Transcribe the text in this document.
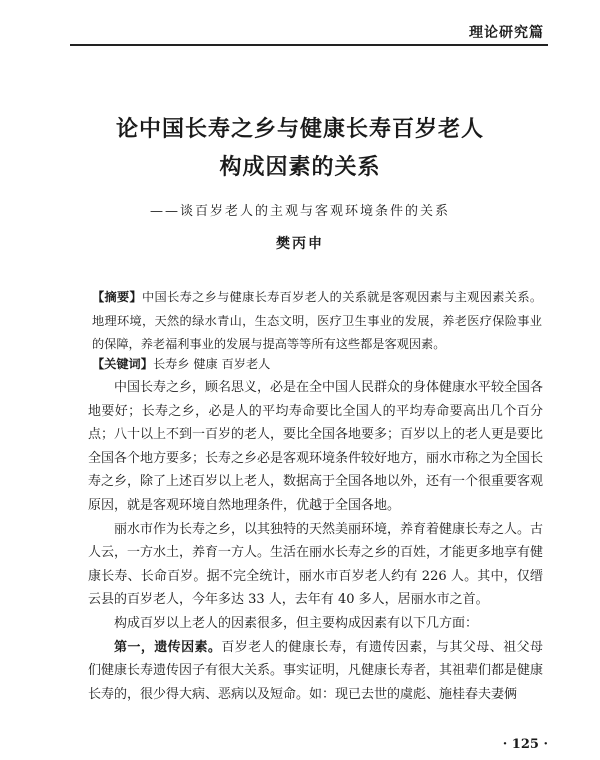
理论研究篇
论中国长寿之乡与健康长寿百岁老人
构成因素的关系
——谈百岁老人的主观与客观环境条件的关系
樊丙申

【摘要】中国长寿之乡与健康长寿百岁老人的关系就是客观因素与主观因素关系。地理环境，天然的绿水青山，生态文明，医疗卫生事业的发展，养老医疗保险事业的保障，养老福利事业的发展与提高等等所有这些都是客观因素。

【关键词】长寿乡 健康 百岁老人

中国长寿之乡，顾名思义，必是在全中国人民群众的身体健康水平较全国各地要好；长寿之乡，必是人的平均寿命要比全国人的平均寿命要高出几个百分点；八十以上不到一百岁的老人，要比全国各地要多；百岁以上的老人更是要比全国各个地方要多；长寿之乡必是客观环境条件较好地方，丽水市称之为全国长寿之乡，除了上述百岁以上老人，数据高于全国各地以外，还有一个很重要客观原因，就是客观环境自然地理条件，优越于全国各地。

丽水市作为长寿之乡，以其独特的天然美丽环境，养育着健康长寿之人。古人云，一方水土，养育一方人。生活在丽水长寿之乡的百姓，才能更多地享有健康长寿、长命百岁。据不完全统计，丽水市百岁老人约有 226 人。其中，仅缙云县的百岁老人，今年多达 33 人，去年有 40 多人，居丽水市之首。

构成百岁以上老人的因素很多，但主要构成因素有以下几方面：

第一，遗传因素。百岁老人的健康长寿，有遗传因素，与其父母、祖父母们健康长寿遗传因子有很大关系。事实证明，凡健康长寿者，其祖辈们都是健康长寿的，很少得大病、恶病以及短命。如：现已去世的虞彪、施桂春夫妻俩

· 125 ·
